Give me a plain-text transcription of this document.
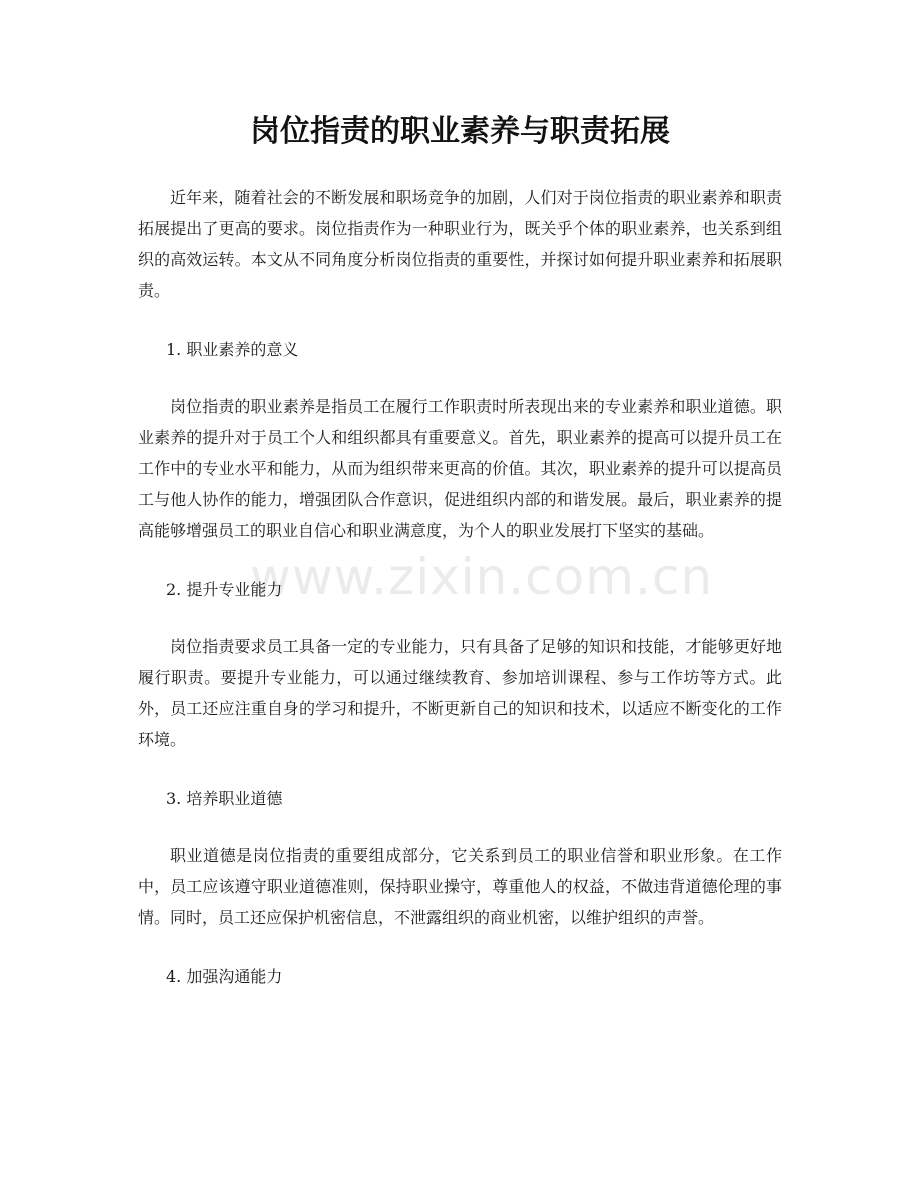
岗位指责的职业素养与职责拓展

近年来，随着社会的不断发展和职场竞争的加剧，人们对于岗位指责的职业素养和职责拓展提出了更高的要求。岗位指责作为一种职业行为，既关乎个体的职业素养，也关系到组织的高效运转。本文从不同角度分析岗位指责的重要性，并探讨如何提升职业素养和拓展职责。

1. 职业素养的意义

岗位指责的职业素养是指员工在履行工作职责时所表现出来的专业素养和职业道德。职业素养的提升对于员工个人和组织都具有重要意义。首先，职业素养的提高可以提升员工在工作中的专业水平和能力，从而为组织带来更高的价值。其次，职业素养的提升可以提高员工与他人协作的能力，增强团队合作意识，促进组织内部的和谐发展。最后，职业素养的提高能够增强员工的职业自信心和职业满意度，为个人的职业发展打下坚实的基础。

2. 提升专业能力

岗位指责要求员工具备一定的专业能力，只有具备了足够的知识和技能，才能够更好地履行职责。要提升专业能力，可以通过继续教育、参加培训课程、参与工作坊等方式。此外，员工还应注重自身的学习和提升，不断更新自己的知识和技术，以适应不断变化的工作环境。

3. 培养职业道德

职业道德是岗位指责的重要组成部分，它关系到员工的职业信誉和职业形象。在工作中，员工应该遵守职业道德准则，保持职业操守，尊重他人的权益，不做违背道德伦理的事情。同时，员工还应保护机密信息，不泄露组织的商业机密，以维护组织的声誉。

4. 加强沟通能力

www.zixin.com.cn
